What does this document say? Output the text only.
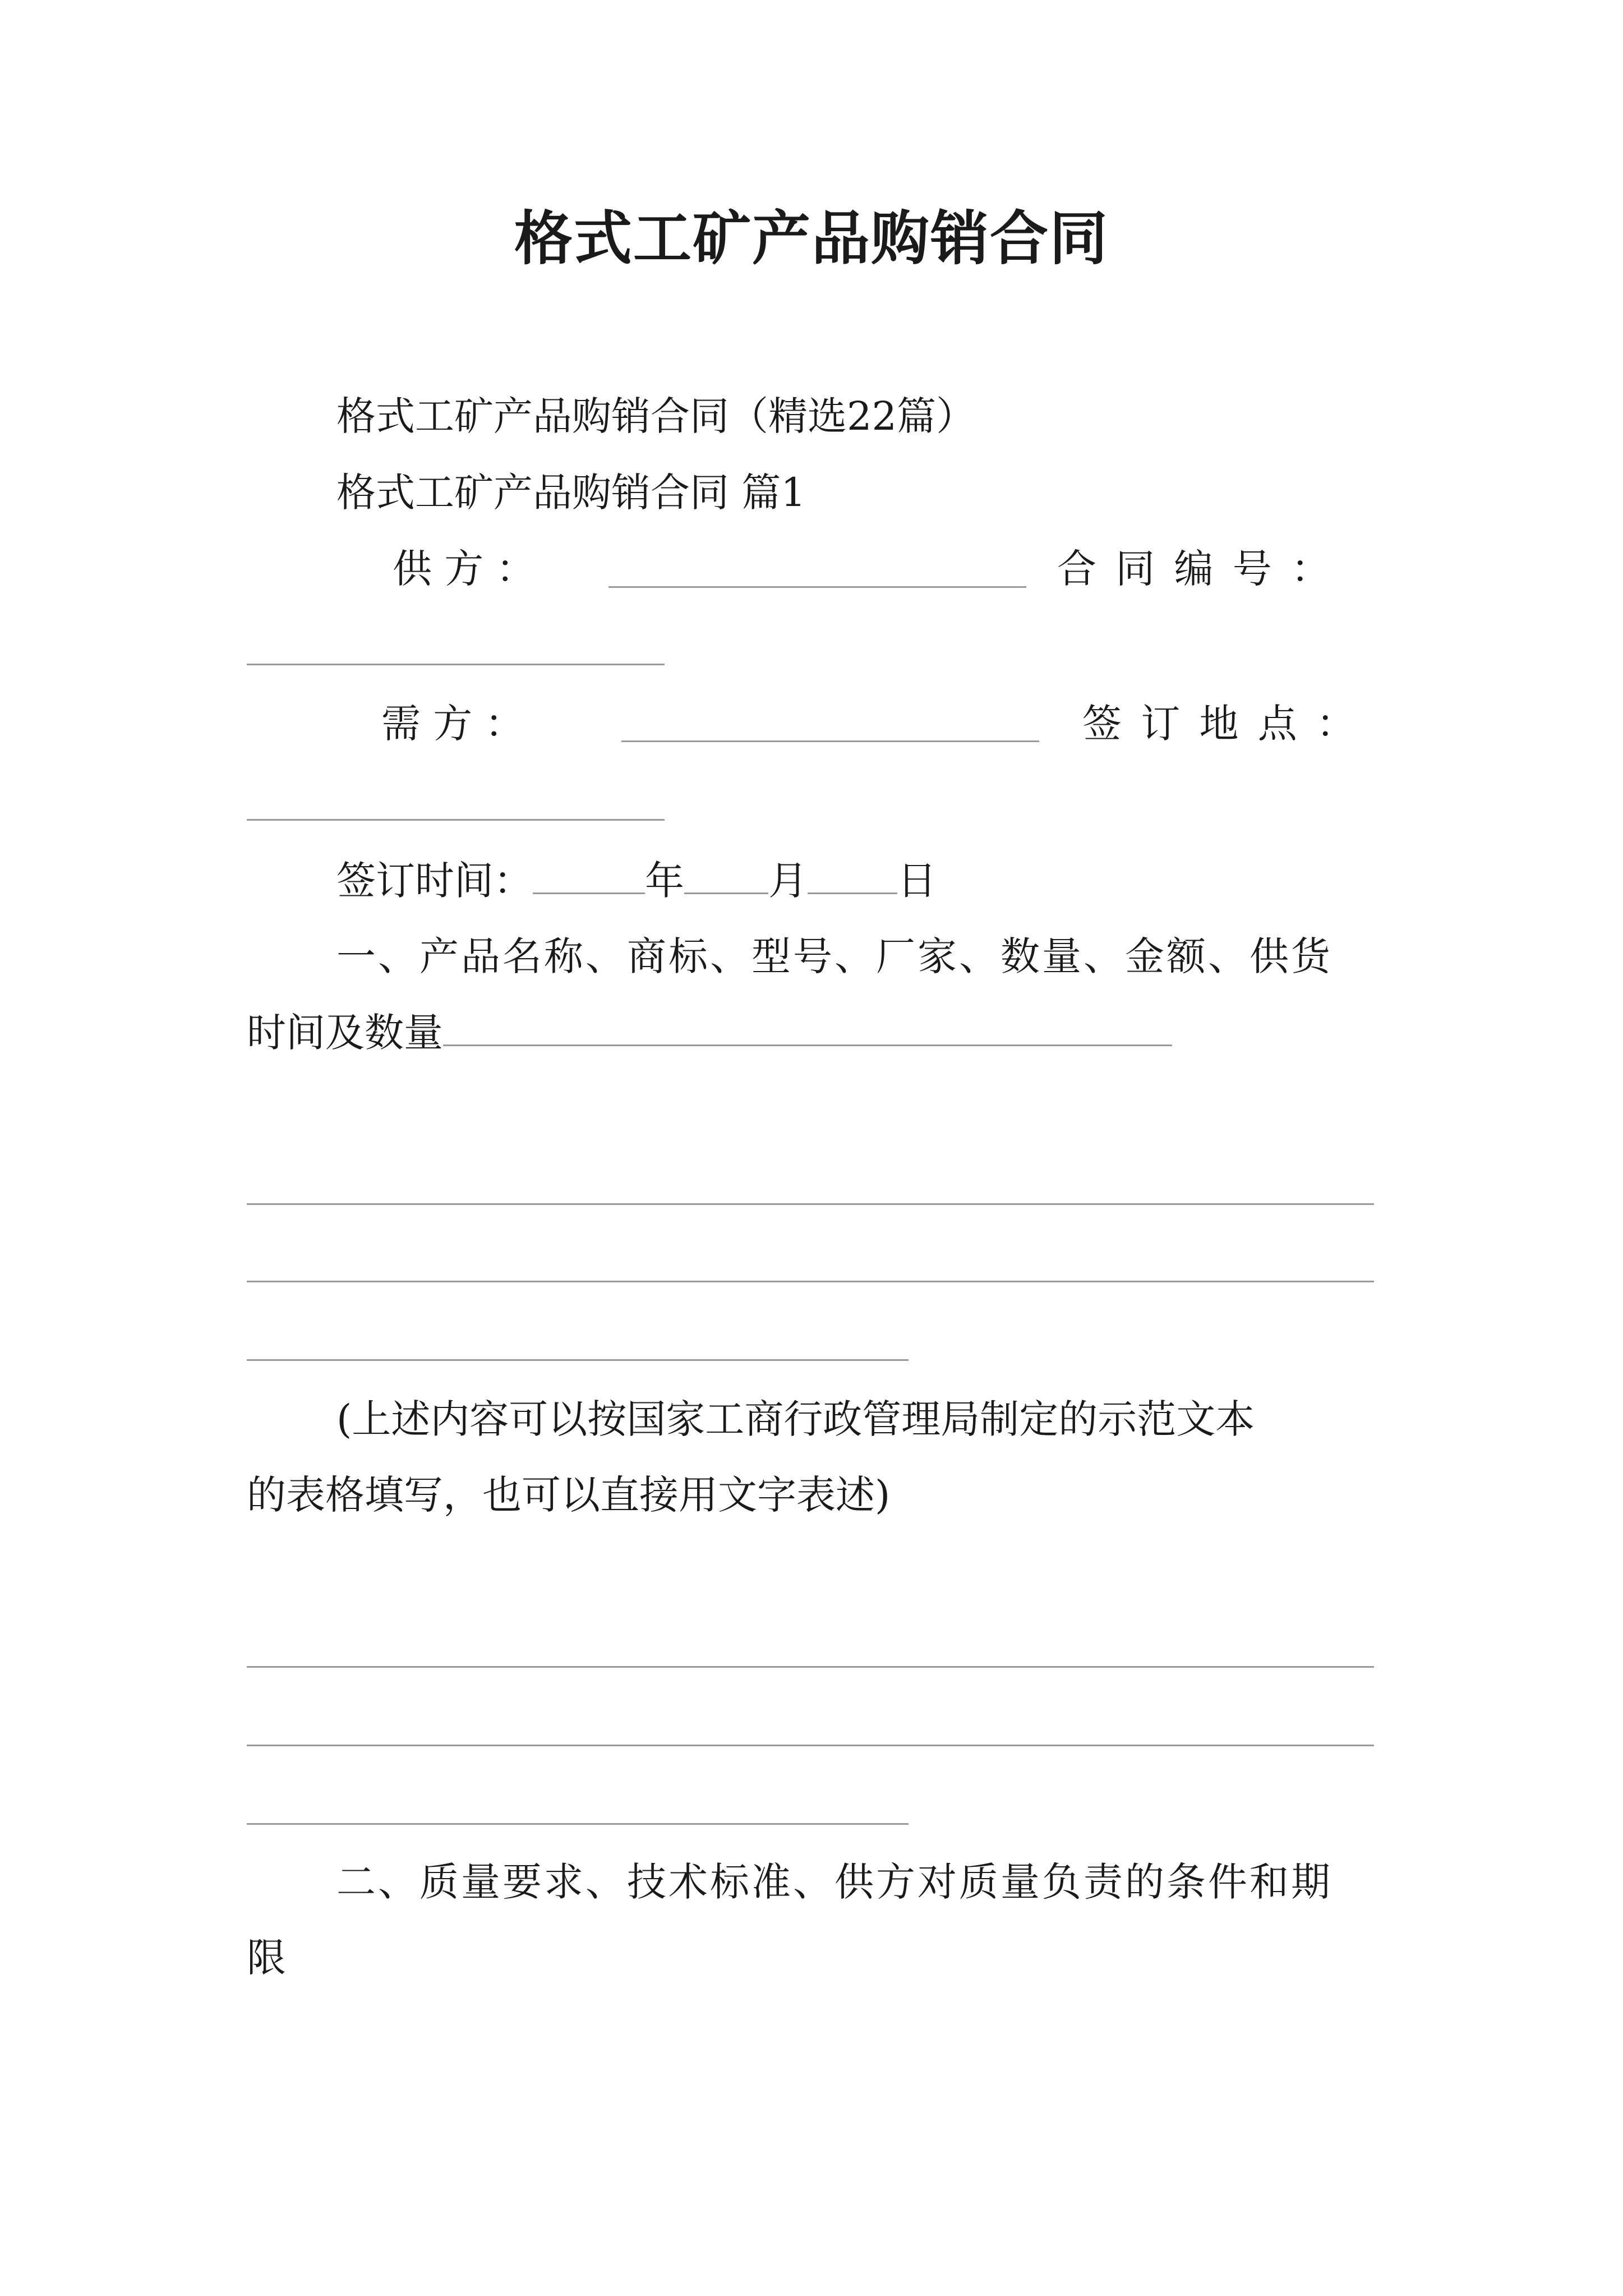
格式工矿产品购销合同
格式工矿产品购销合同（精选22篇）
格式工矿产品购销合同 篇1
供 方 ：	合 同 编 号 ：
需 方 ：	签 订 地 点 ：
签订时间：	年 月 日
一、产品名称、商标、型号、厂家、数量、金额、供货
时间及数量
(上述内容可以按国家工商行政管理局制定的示范文本
的表格填写，也可以直接用文字表述)
二、质量要求、技术标准、供方对质量负责的条件和期
限
